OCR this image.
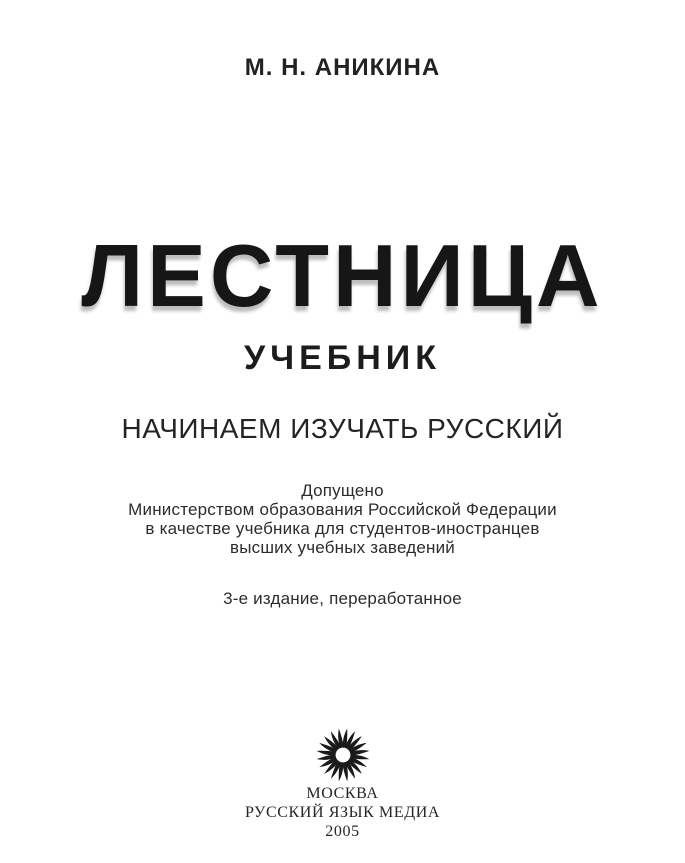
М. Н. АНИКИНА
ЛЕСТНИЦА
УЧЕБНИК
НАЧИНАЕМ ИЗУЧАТЬ РУССКИЙ
Допущено
Министерством образования Российской Федерации
в качестве учебника для студентов-иностранцев
высших учебных заведений
3-е издание, переработанное
МОСКВА
РУССКИЙ ЯЗЫК МЕДИА
2005
